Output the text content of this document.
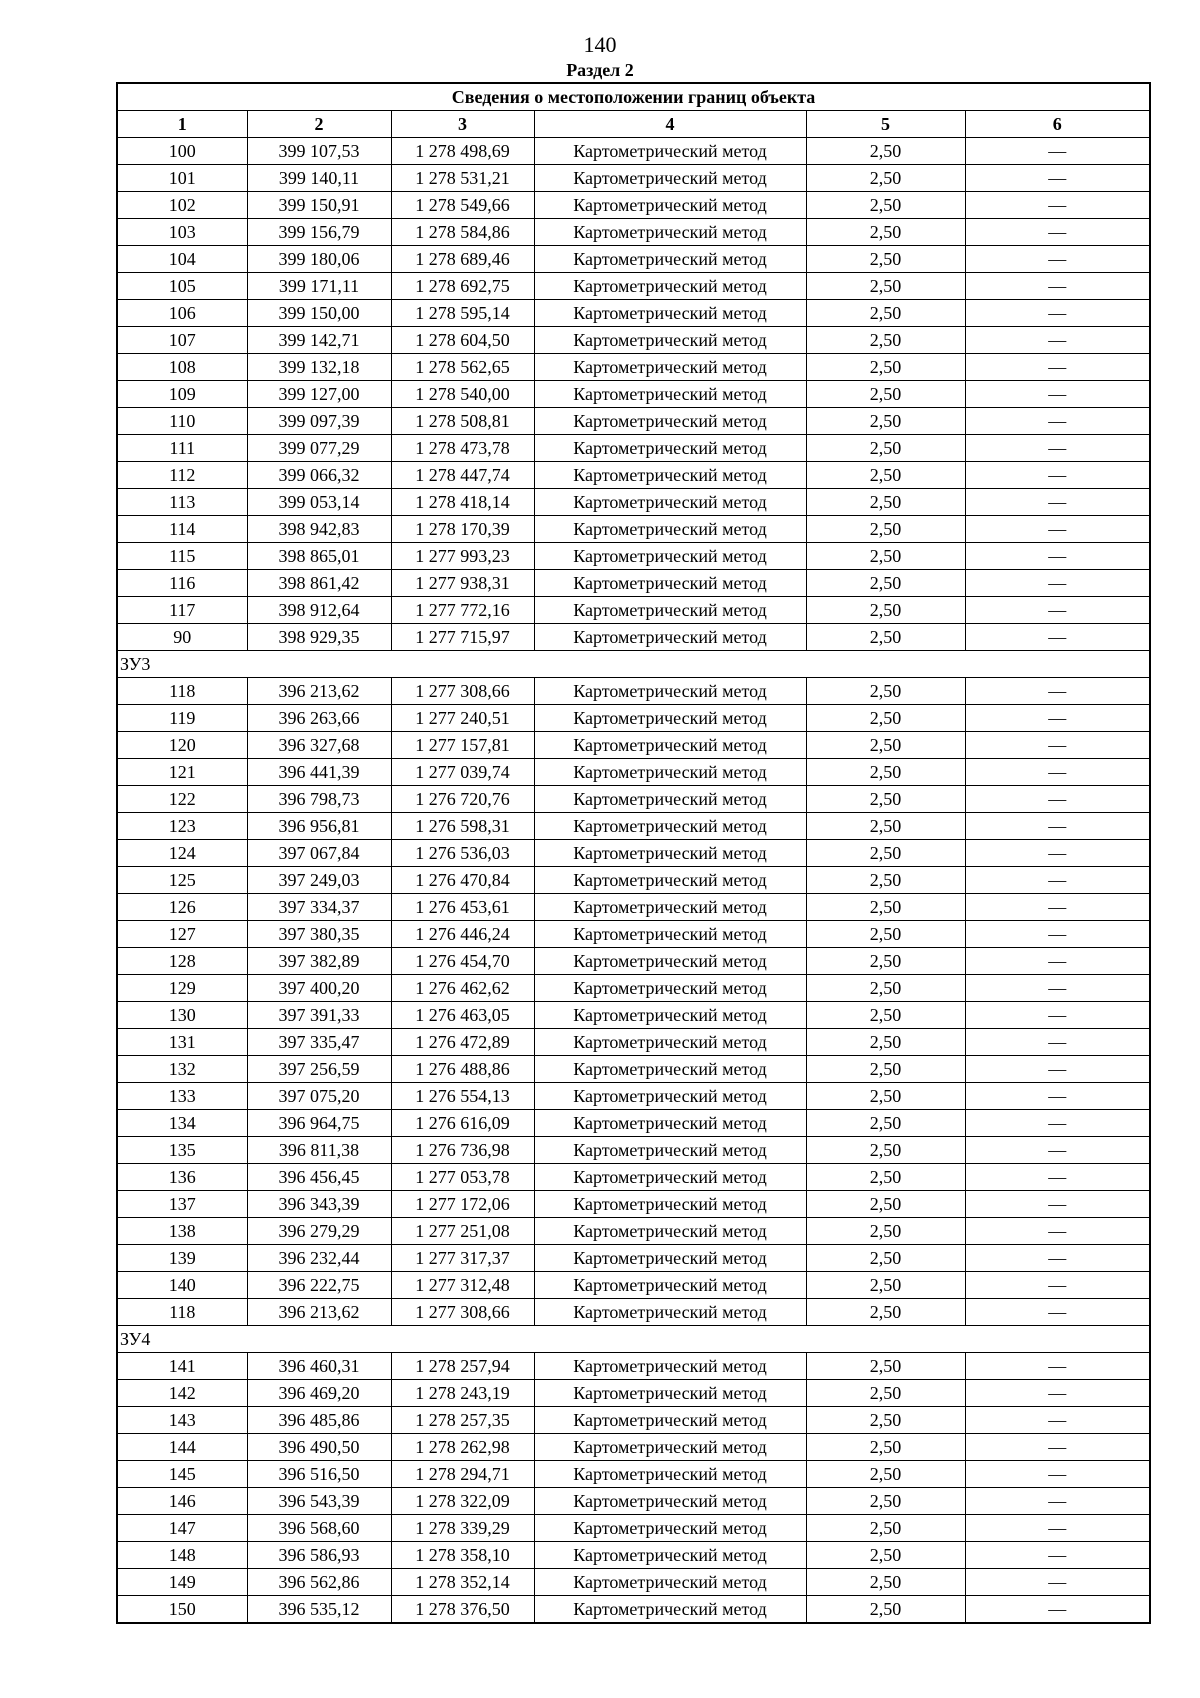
140
Раздел 2
Сведения о местоположении границ объекта					
1	2	3	4	5	6
100	399 107,53	1 278 498,69	Картометрический метод	2,50	—
101	399 140,11	1 278 531,21	Картометрический метод	2,50	—
102	399 150,91	1 278 549,66	Картометрический метод	2,50	—
103	399 156,79	1 278 584,86	Картометрический метод	2,50	—
104	399 180,06	1 278 689,46	Картометрический метод	2,50	—
105	399 171,11	1 278 692,75	Картометрический метод	2,50	—
106	399 150,00	1 278 595,14	Картометрический метод	2,50	—
107	399 142,71	1 278 604,50	Картометрический метод	2,50	—
108	399 132,18	1 278 562,65	Картометрический метод	2,50	—
109	399 127,00	1 278 540,00	Картометрический метод	2,50	—
110	399 097,39	1 278 508,81	Картометрический метод	2,50	—
111	399 077,29	1 278 473,78	Картометрический метод	2,50	—
112	399 066,32	1 278 447,74	Картометрический метод	2,50	—
113	399 053,14	1 278 418,14	Картометрический метод	2,50	—
114	398 942,83	1 278 170,39	Картометрический метод	2,50	—
115	398 865,01	1 277 993,23	Картометрический метод	2,50	—
116	398 861,42	1 277 938,31	Картометрический метод	2,50	—
117	398 912,64	1 277 772,16	Картометрический метод	2,50	—
90	398 929,35	1 277 715,97	Картометрический метод	2,50	—
ЗУ3					
118	396 213,62	1 277 308,66	Картометрический метод	2,50	—
119	396 263,66	1 277 240,51	Картометрический метод	2,50	—
120	396 327,68	1 277 157,81	Картометрический метод	2,50	—
121	396 441,39	1 277 039,74	Картометрический метод	2,50	—
122	396 798,73	1 276 720,76	Картометрический метод	2,50	—
123	396 956,81	1 276 598,31	Картометрический метод	2,50	—
124	397 067,84	1 276 536,03	Картометрический метод	2,50	—
125	397 249,03	1 276 470,84	Картометрический метод	2,50	—
126	397 334,37	1 276 453,61	Картометрический метод	2,50	—
127	397 380,35	1 276 446,24	Картометрический метод	2,50	—
128	397 382,89	1 276 454,70	Картометрический метод	2,50	—
129	397 400,20	1 276 462,62	Картометрический метод	2,50	—
130	397 391,33	1 276 463,05	Картометрический метод	2,50	—
131	397 335,47	1 276 472,89	Картометрический метод	2,50	—
132	397 256,59	1 276 488,86	Картометрический метод	2,50	—
133	397 075,20	1 276 554,13	Картометрический метод	2,50	—
134	396 964,75	1 276 616,09	Картометрический метод	2,50	—
135	396 811,38	1 276 736,98	Картометрический метод	2,50	—
136	396 456,45	1 277 053,78	Картометрический метод	2,50	—
137	396 343,39	1 277 172,06	Картометрический метод	2,50	—
138	396 279,29	1 277 251,08	Картометрический метод	2,50	—
139	396 232,44	1 277 317,37	Картометрический метод	2,50	—
140	396 222,75	1 277 312,48	Картометрический метод	2,50	—
118	396 213,62	1 277 308,66	Картометрический метод	2,50	—
ЗУ4					
141	396 460,31	1 278 257,94	Картометрический метод	2,50	—
142	396 469,20	1 278 243,19	Картометрический метод	2,50	—
143	396 485,86	1 278 257,35	Картометрический метод	2,50	—
144	396 490,50	1 278 262,98	Картометрический метод	2,50	—
145	396 516,50	1 278 294,71	Картометрический метод	2,50	—
146	396 543,39	1 278 322,09	Картометрический метод	2,50	—
147	396 568,60	1 278 339,29	Картометрический метод	2,50	—
148	396 586,93	1 278 358,10	Картометрический метод	2,50	—
149	396 562,86	1 278 352,14	Картометрический метод	2,50	—
150	396 535,12	1 278 376,50	Картометрический метод	2,50	—
